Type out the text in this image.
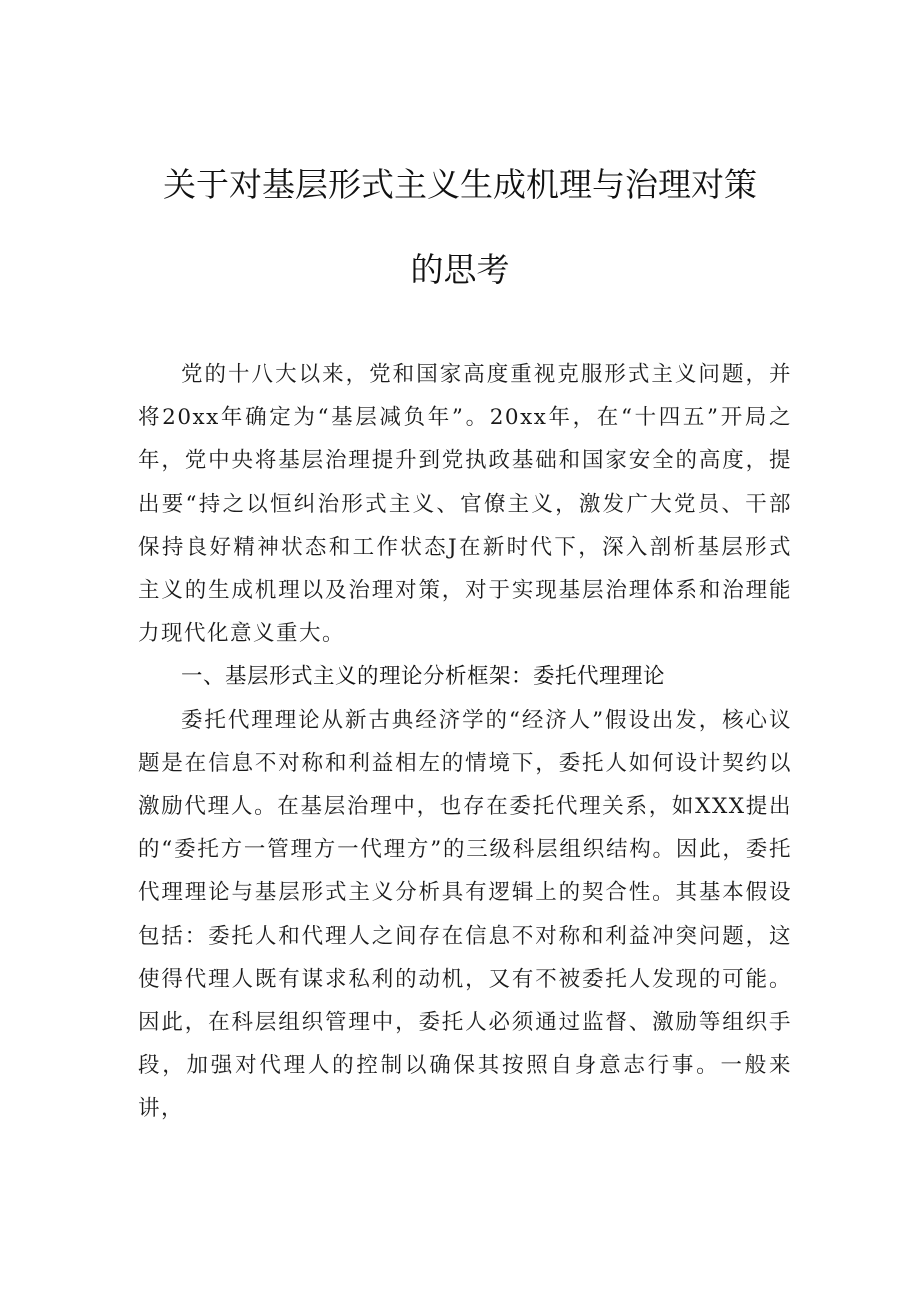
关于对基层形式主义生成机理与治理对策
的思考

党的十八大以来，党和国家高度重视克服形式主义问题，并将20xx年确定为“基层减负年”。20xx年，在“十四五”开局之年，党中央将基层治理提升到党执政基础和国家安全的高度，提出要“持之以恒纠治形式主义、官僚主义，激发广大党员、干部保持良好精神状态和工作状态J在新时代下，深入剖析基层形式主义的生成机理以及治理对策，对于实现基层治理体系和治理能力现代化意义重大。

一、基层形式主义的理论分析框架：委托代理理论

委托代理理论从新古典经济学的“经济人”假设出发，核心议题是在信息不对称和利益相左的情境下，委托人如何设计契约以激励代理人。在基层治理中，也存在委托代理关系，如XXX提出的“委托方一管理方一代理方”的三级科层组织结构。因此，委托代理理论与基层形式主义分析具有逻辑上的契合性。其基本假设包括：委托人和代理人之间存在信息不对称和利益冲突问题，这使得代理人既有谋求私利的动机，又有不被委托人发现的可能。因此，在科层组织管理中，委托人必须通过监督、激励等组织手段，加强对代理人的控制以确保其按照自身意志行事。一般来讲，
